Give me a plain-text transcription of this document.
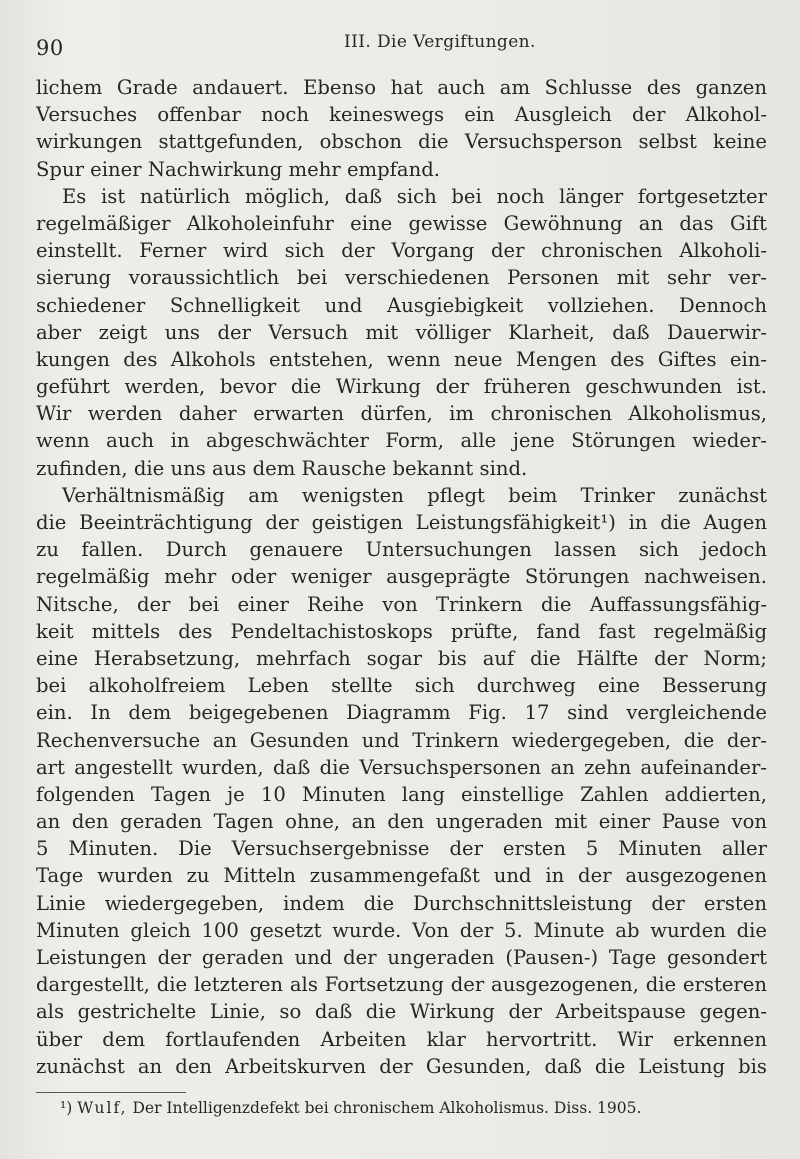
90	III. Die Vergiftungen.
lichem Grade andauert. Ebenso hat auch am Schlusse des ganzen
Versuches offenbar noch keineswegs ein Ausgleich der Alkohol-
wirkungen stattgefunden, obschon die Versuchsperson selbst keine
Spur einer Nachwirkung mehr empfand.
Es ist natürlich möglich, daß sich bei noch länger fortgesetzter
regelmäßiger Alkoholeinfuhr eine gewisse Gewöhnung an das Gift
einstellt. Ferner wird sich der Vorgang der chronischen Alkoholi-
sierung voraussichtlich bei verschiedenen Personen mit sehr ver-
schiedener Schnelligkeit und Ausgiebigkeit vollziehen. Dennoch
aber zeigt uns der Versuch mit völliger Klarheit, daß Dauerwir-
kungen des Alkohols entstehen, wenn neue Mengen des Giftes ein-
geführt werden, bevor die Wirkung der früheren geschwunden ist.
Wir werden daher erwarten dürfen, im chronischen Alkoholismus,
wenn auch in abgeschwächter Form, alle jene Störungen wieder-
zufinden, die uns aus dem Rausche bekannt sind.
Verhältnismäßig am wenigsten pflegt beim Trinker zunächst
die Beeinträchtigung der geistigen Leistungsfähigkeit¹) in die Augen
zu fallen. Durch genauere Untersuchungen lassen sich jedoch
regelmäßig mehr oder weniger ausgeprägte Störungen nachweisen.
Nitsche, der bei einer Reihe von Trinkern die Auffassungsfähig-
keit mittels des Pendeltachistoskops prüfte, fand fast regelmäßig
eine Herabsetzung, mehrfach sogar bis auf die Hälfte der Norm;
bei alkoholfreiem Leben stellte sich durchweg eine Besserung
ein. In dem beigegebenen Diagramm Fig. 17 sind vergleichende
Rechenversuche an Gesunden und Trinkern wiedergegeben, die der-
art angestellt wurden, daß die Versuchspersonen an zehn aufeinander-
folgenden Tagen je 10 Minuten lang einstellige Zahlen addierten,
an den geraden Tagen ohne, an den ungeraden mit einer Pause von
5 Minuten. Die Versuchsergebnisse der ersten 5 Minuten aller
Tage wurden zu Mitteln zusammengefaßt und in der ausgezogenen
Linie wiedergegeben, indem die Durchschnittsleistung der ersten
Minuten gleich 100 gesetzt wurde. Von der 5. Minute ab wurden die
Leistungen der geraden und der ungeraden (Pausen-) Tage gesondert
dargestellt, die letzteren als Fortsetzung der ausgezogenen, die ersteren
als gestrichelte Linie, so daß die Wirkung der Arbeitspause gegen-
über dem fortlaufenden Arbeiten klar hervortritt. Wir erkennen
zunächst an den Arbeitskurven der Gesunden, daß die Leistung bis
¹) Wulf, Der Intelligenzdefekt bei chronischem Alkoholismus. Diss. 1905.
